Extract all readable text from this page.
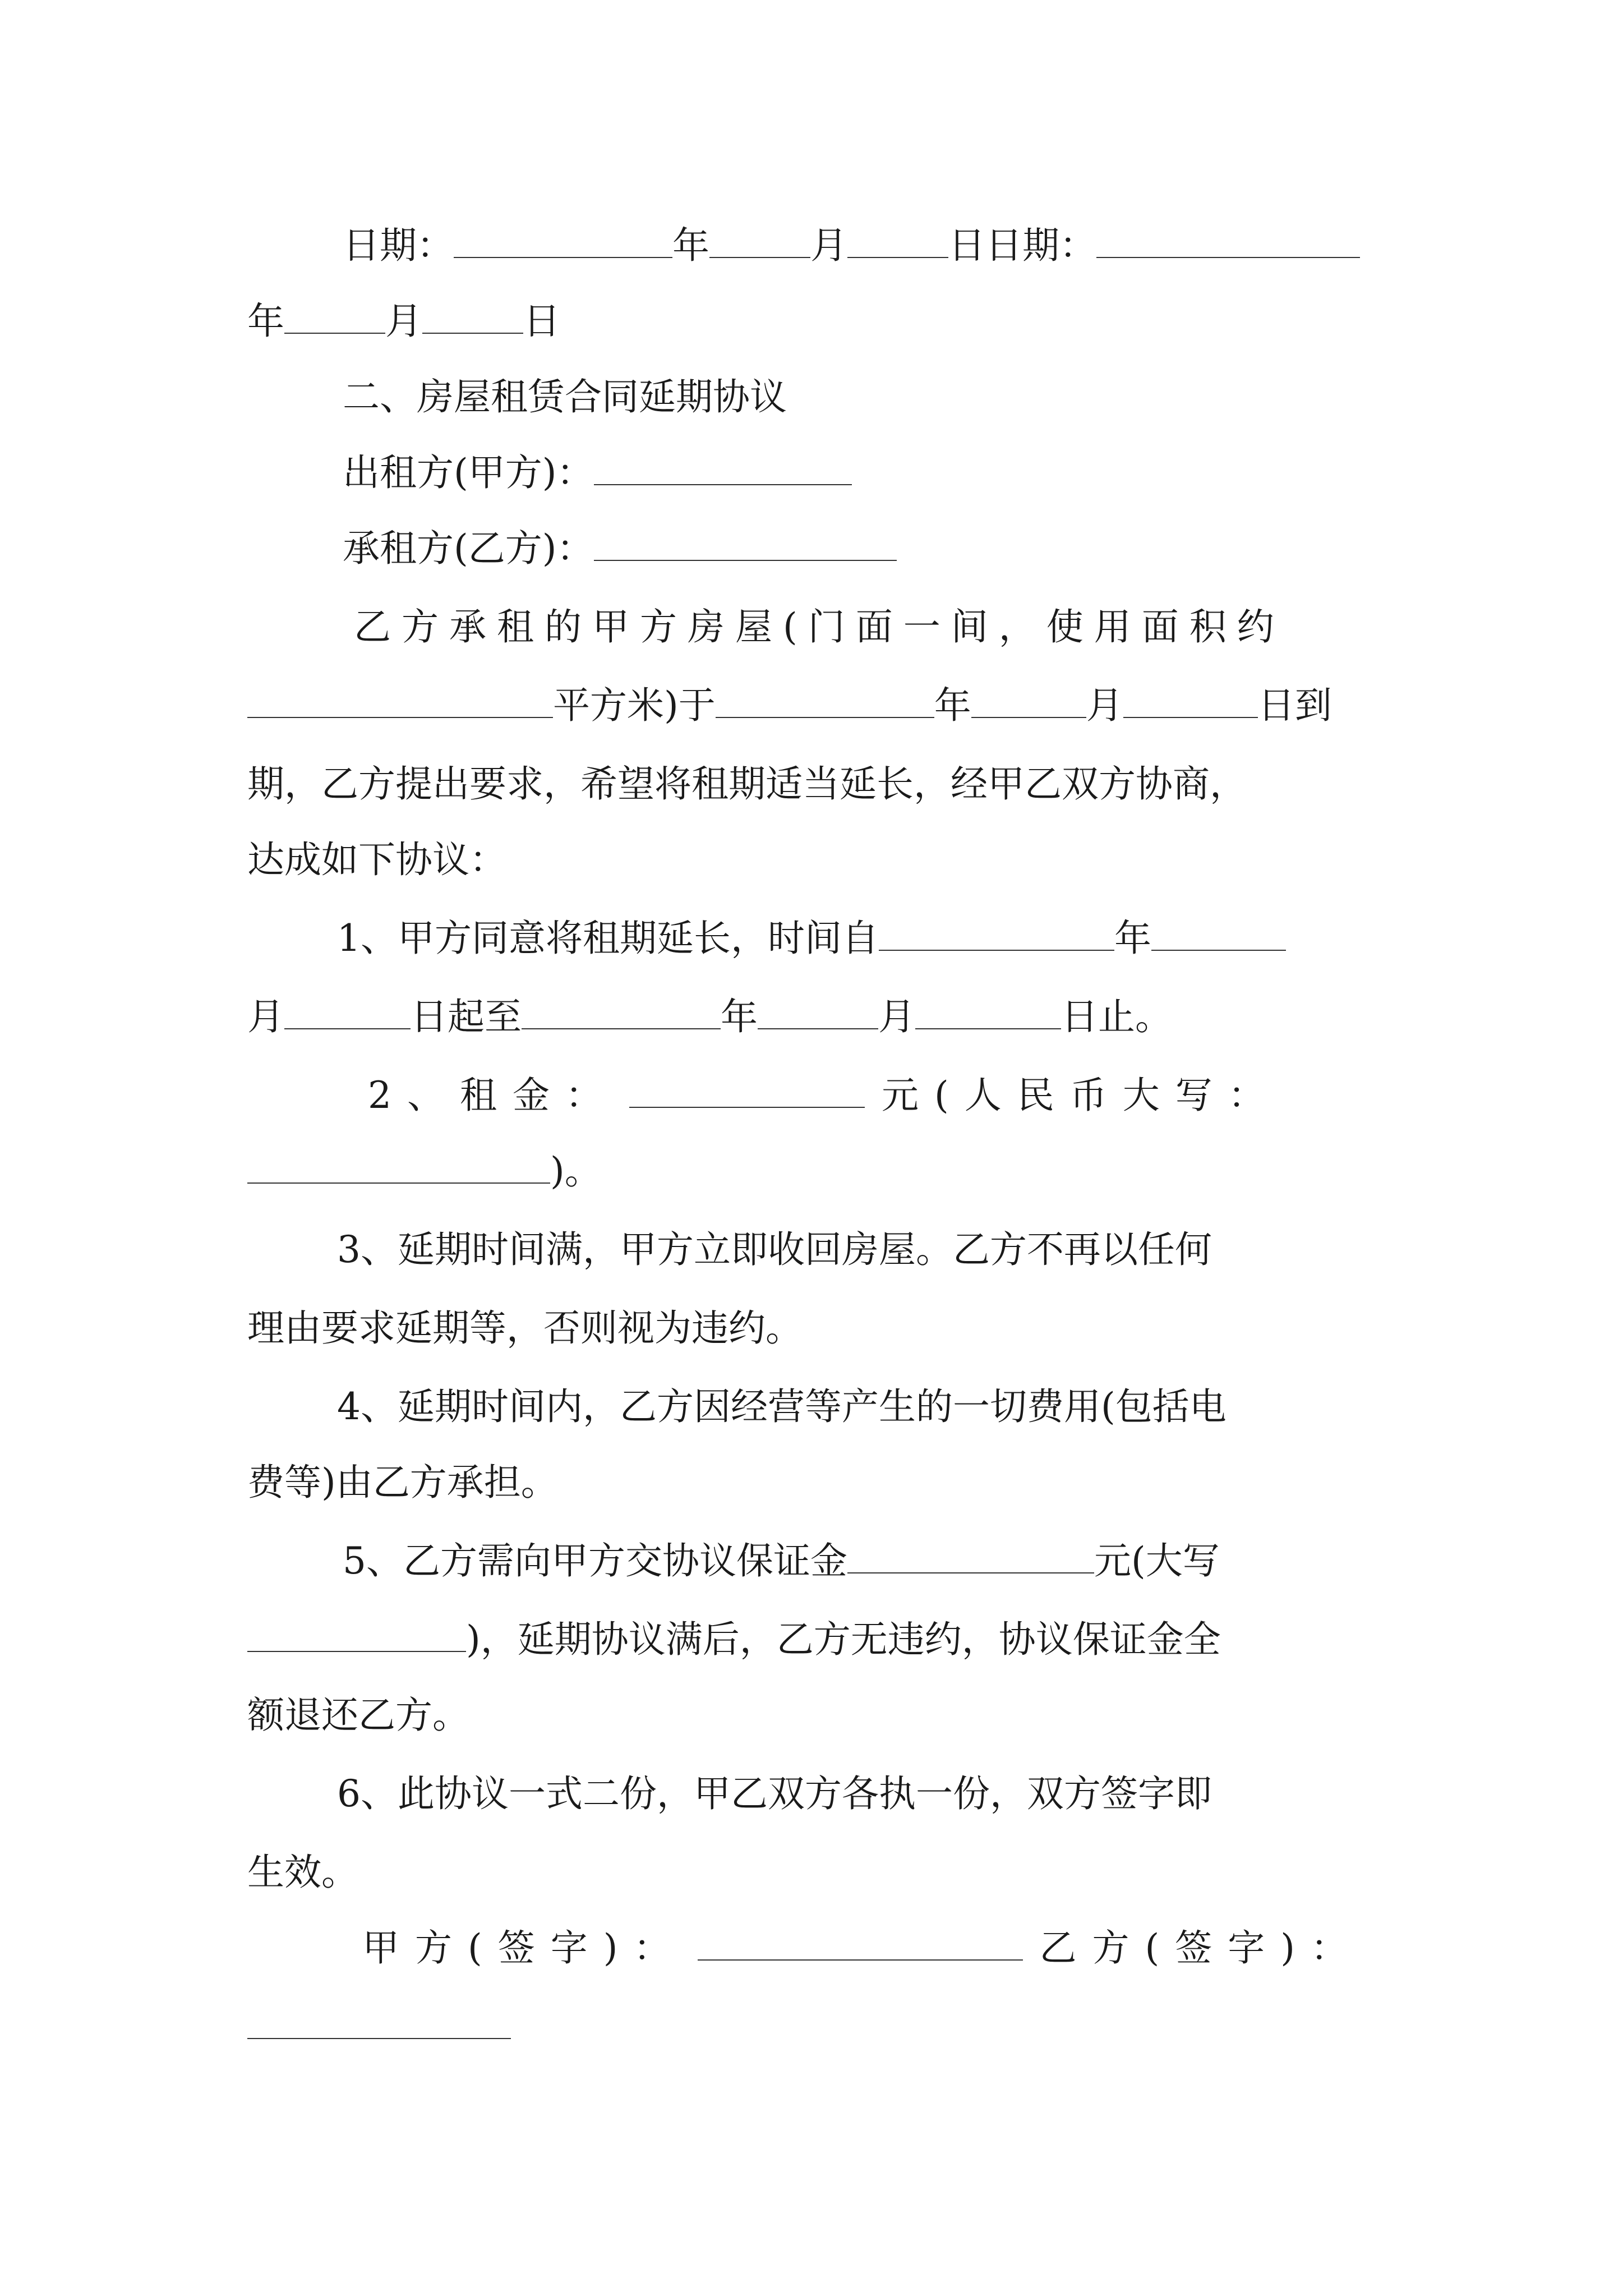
日期：	年	月	日日期：
年	月	日
二、房屋租赁合同延期协议
出租方(甲方)：
承租方(乙方)：
乙方承租的甲方房屋(门面一间，使用面积约
平方米)于	年	月	日到
期，乙方提出要求，希望将租期适当延长，经甲乙双方协商，
达成如下协议：
1、甲方同意将租期延长，时间自	年
月	日起至	年	月	日止。
2、租金：	元(人民币大写：
)。
3、延期时间满，甲方立即收回房屋。乙方不再以任何
理由要求延期等，否则视为违约。
4、延期时间内，乙方因经营等产生的一切费用(包括电
费等)由乙方承担。
5、乙方需向甲方交协议保证金	元(大写
)，延期协议满后，乙方无违约，协议保证金全
额退还乙方。
6、此协议一式二份，甲乙双方各执一份，双方签字即
生效。
甲方(签字)：	乙方(签字)：
